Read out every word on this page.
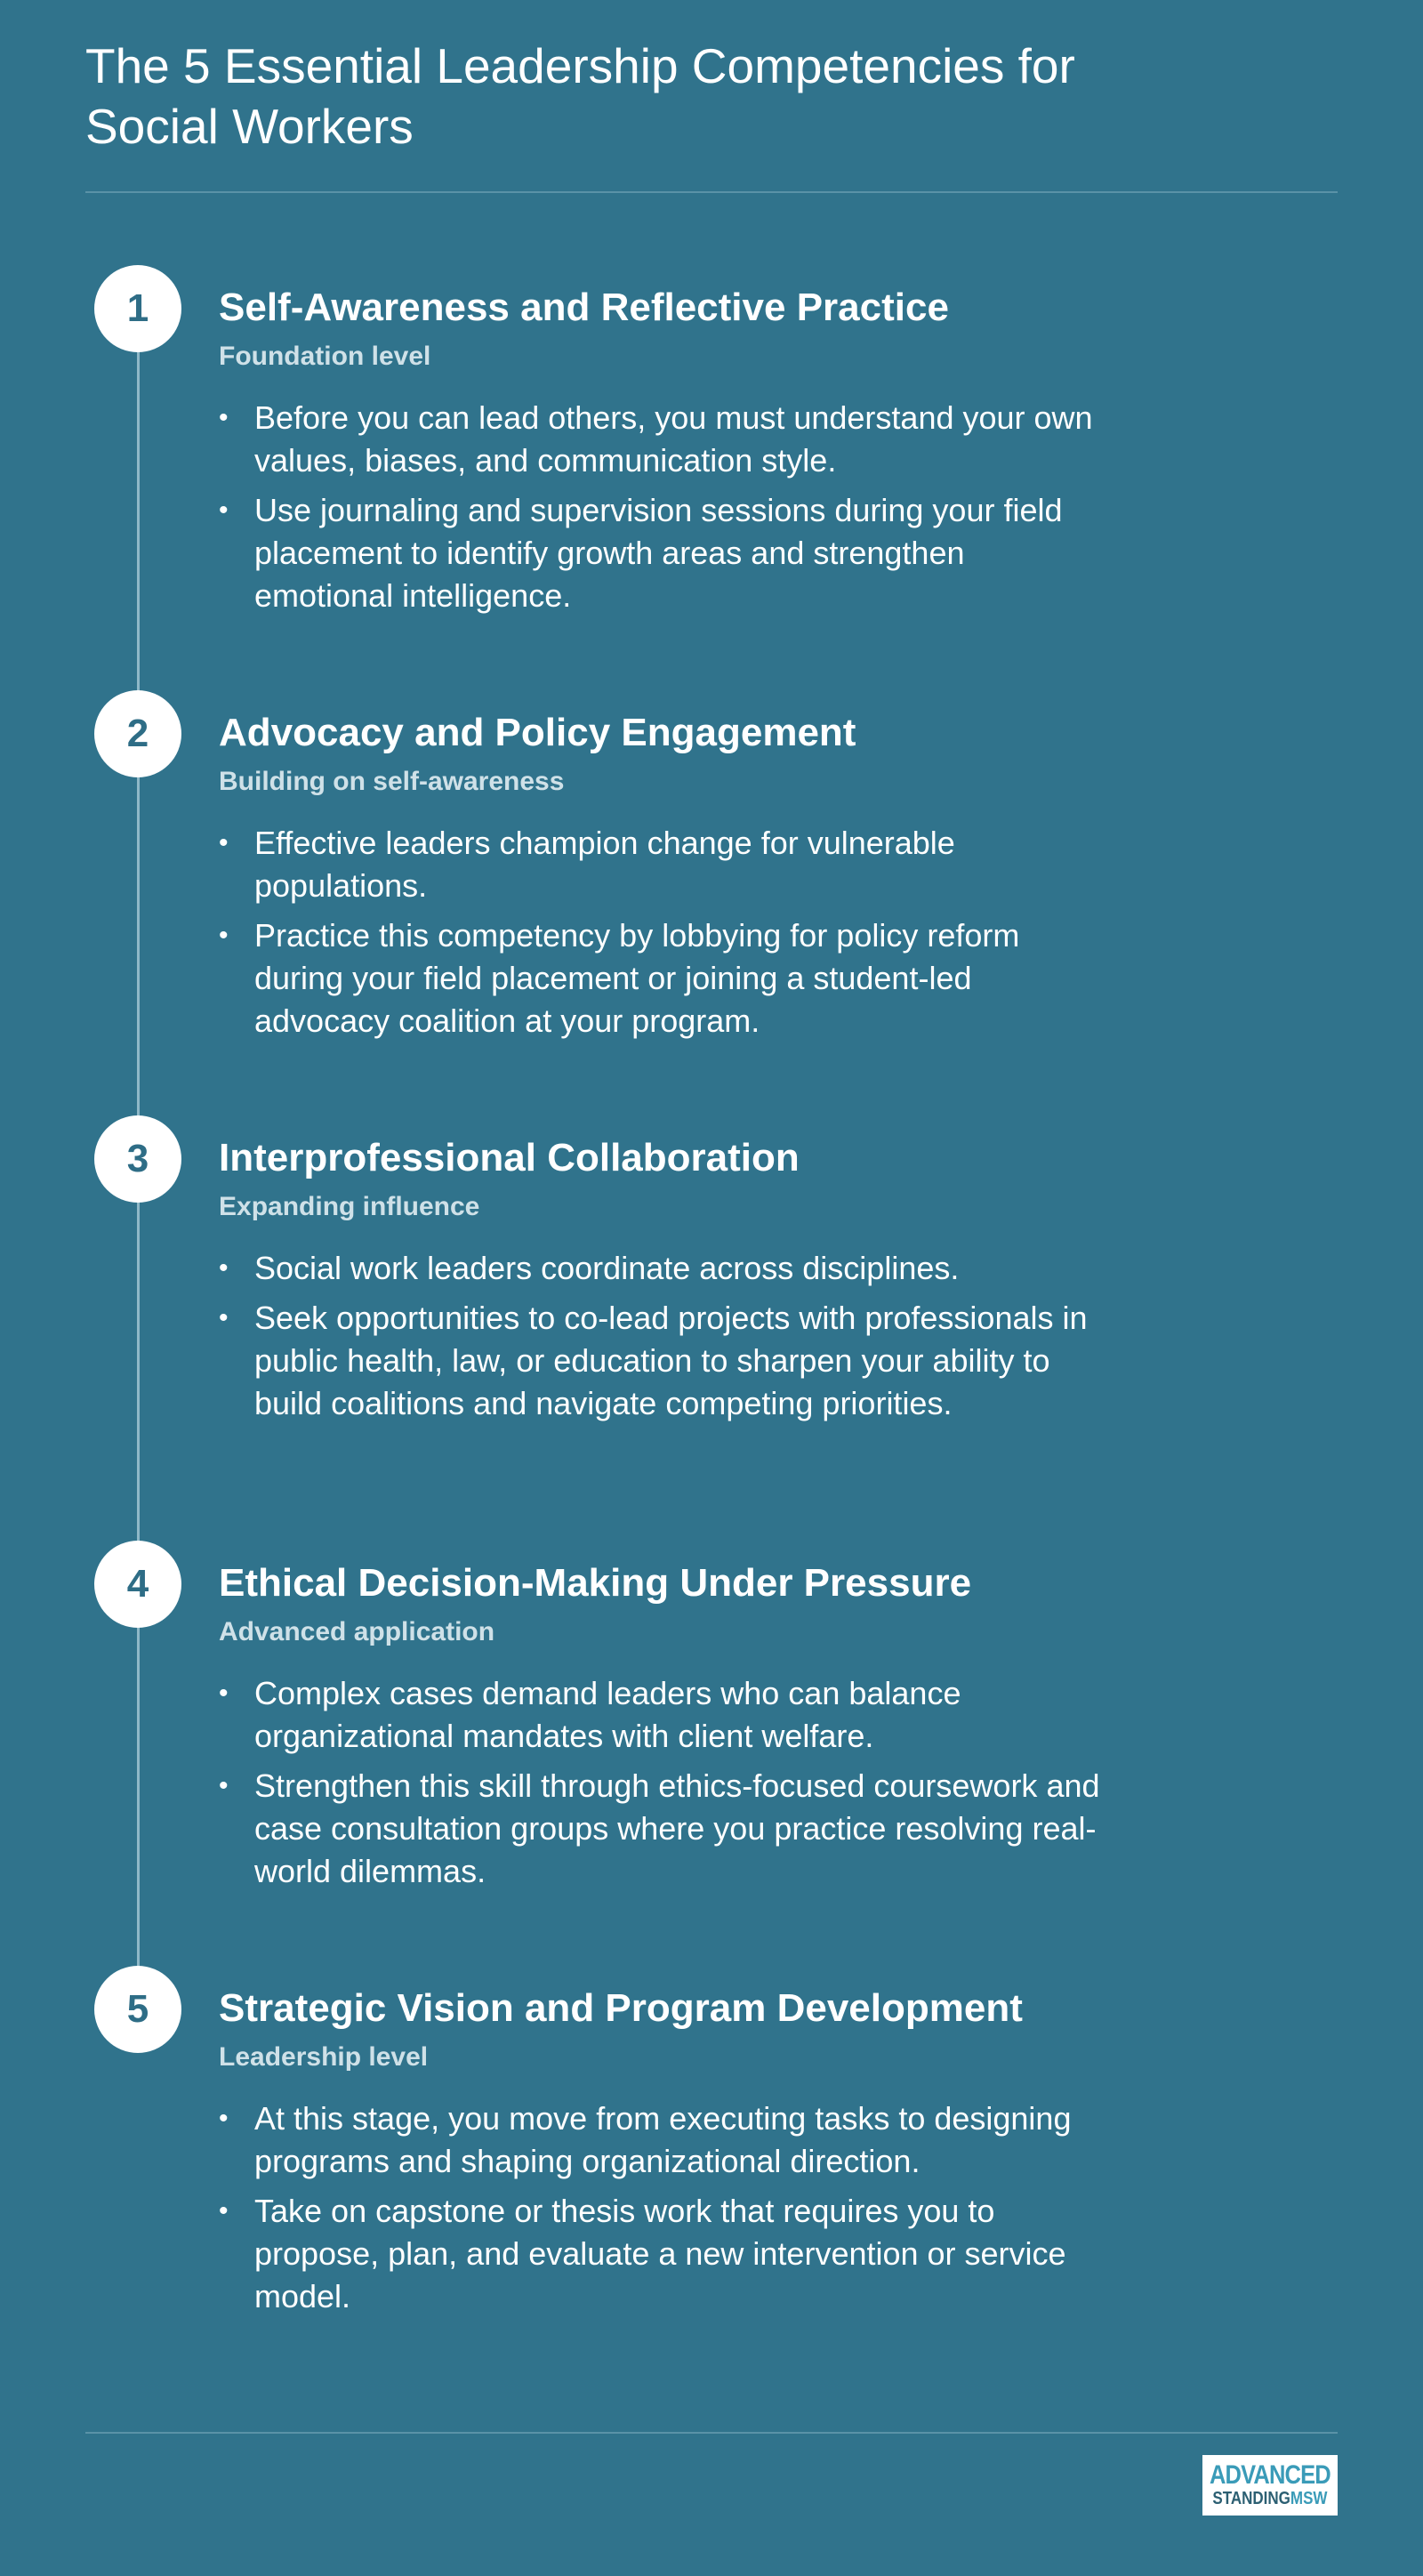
The 5 Essential Leadership Competencies for Social Workers
1	Self-Awareness and Reflective Practice
Foundation level
• Before you can lead others, you must understand your own values, biases, and communication style.
• Use journaling and supervision sessions during your field placement to identify growth areas and strengthen emotional intelligence.
2	Advocacy and Policy Engagement
Building on self-awareness
• Effective leaders champion change for vulnerable populations.
• Practice this competency by lobbying for policy reform during your field placement or joining a student-led advocacy coalition at your program.
3	Interprofessional Collaboration
Expanding influence
• Social work leaders coordinate across disciplines.
• Seek opportunities to co-lead projects with professionals in public health, law, or education to sharpen your ability to build coalitions and navigate competing priorities.
4	Ethical Decision-Making Under Pressure
Advanced application
• Complex cases demand leaders who can balance organizational mandates with client welfare.
• Strengthen this skill through ethics-focused coursework and case consultation groups where you practice resolving real-world dilemmas.
5	Strategic Vision and Program Development
Leadership level
• At this stage, you move from executing tasks to designing programs and shaping organizational direction.
• Take on capstone or thesis work that requires you to propose, plan, and evaluate a new intervention or service model.
ADVANCED
STANDINGMSW
